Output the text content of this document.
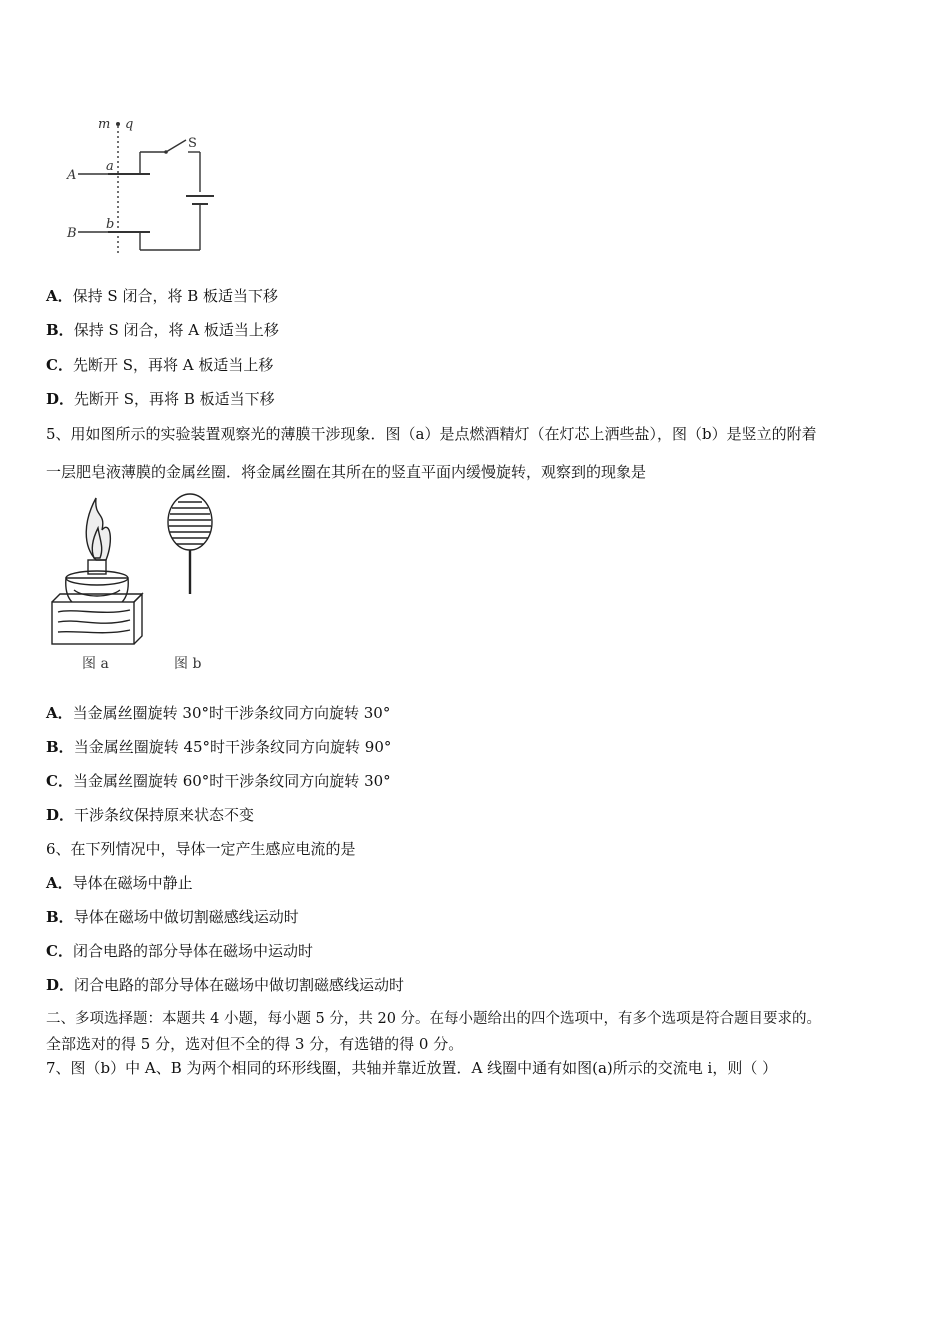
m q
S
A
a
B
b
A．保持 S 闭合，将 B 板适当下移
B．保持 S 闭合，将 A 板适当上移
C．先断开 S，再将 A 板适当上移
D．先断开 S，再将 B 板适当下移
5、用如图所示的实验装置观察光的薄膜干涉现象．图（a）是点燃酒精灯（在灯芯上洒些盐），图（b）是竖立的附着
一层肥皂液薄膜的金属丝圈．将金属丝圈在其所在的竖直平面内缓慢旋转，观察到的现象是
图 a	图 b
A．当金属丝圈旋转 30°时干涉条纹同方向旋转 30°
B．当金属丝圈旋转 45°时干涉条纹同方向旋转 90°
C．当金属丝圈旋转 60°时干涉条纹同方向旋转 30°
D．干涉条纹保持原来状态不变
6、在下列情况中，导体一定产生感应电流的是
A．导体在磁场中静止
B．导体在磁场中做切割磁感线运动时
C．闭合电路的部分导体在磁场中运动时
D．闭合电路的部分导体在磁场中做切割磁感线运动时
二、多项选择题：本题共 4 小题，每小题 5 分，共 20 分。在每小题给出的四个选项中，有多个选项是符合题目要求的。
全部选对的得 5 分，选对但不全的得 3 分，有选错的得 0 分。
7、图（b）中 A、B 为两个相同的环形线圈，共轴并靠近放置．A 线圈中通有如图(a)所示的交流电 i，则（ ）
